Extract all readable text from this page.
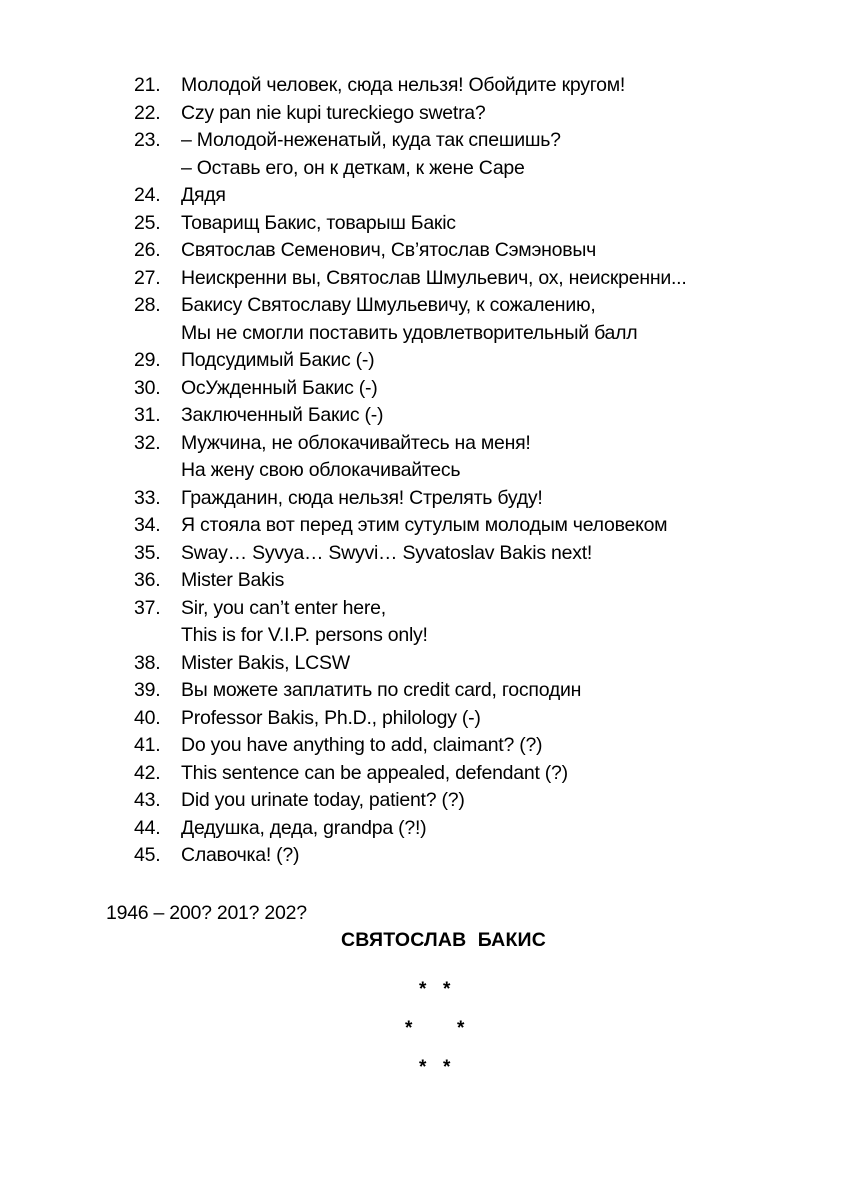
21.	Молодой человек, сюда нельзя! Обойдите кругом!
22.	Czy pan nie kupi tureckiego swetra?
23.	– Молодой-неженатый, куда так спешишь?
– Оставь его, он к деткам, к жене Саре
24.	Дядя
25.	Товарищ Бакис, товарыш Бакіс
26.	Святослав Семенович, Св’ятослав Сэмэновыч
27.	Неискренни вы, Святослав Шмульевич, ох, неискренни...
28.	Бакису Святославу Шмульевичу, к сожалению,
Мы не смогли поставить удовлетворительный балл
29.	Подсудимый Бакис (-)
30.	ОсУжденный Бакис (-)
31.	Заключенный Бакис (-)
32.	Мужчина, не облокачивайтесь на меня!
На жену свою облокачивайтесь
33.	Гражданин, сюда нельзя! Стрелять буду!
34.	Я стояла вот перед этим сутулым молодым человеком
35.	Sway… Syvya… Swyvi… Syvatoslav Bakis next!
36.	Mister Bakis
37.	Sir, you can’t enter here,
This is for V.I.P. persons only!
38.	Mister Bakis, LCSW
39.	Вы можете заплатить по credit card, господин
40.	Professor Bakis, Ph.D., philology (-)
41.	Do you have anything to add, claimant? (?)
42.	This sentence can be appealed, defendant (?)
43.	Did you urinate today, patient? (?)
44.	Дедушка, деда, grandpa (?!)
45.	Славочка! (?)
1946 – 200? 201? 202?
СВЯТОСЛАВ  БАКИС
* *
* *
* *
